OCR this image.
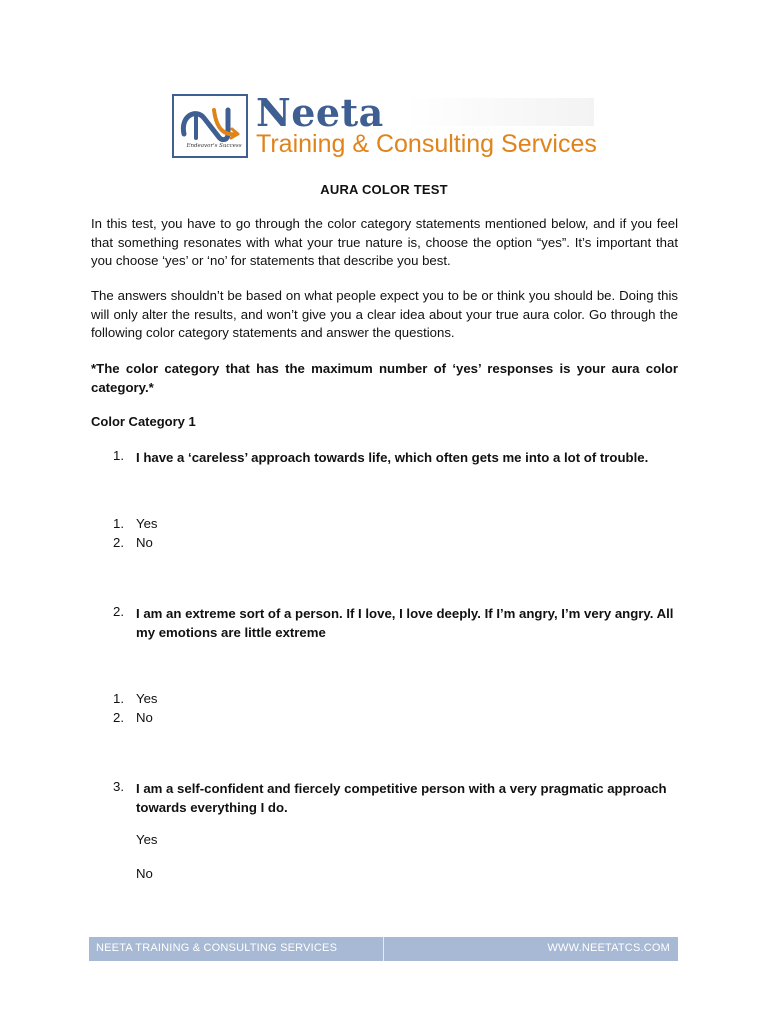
Endeavor's Success
Neeta
Training & Consulting Services
AURA COLOR TEST

In this test, you have to go through the color category statements mentioned below, and if you feel that something resonates with what your true nature is, choose the option “yes”. It’s important that you choose ‘yes’ or ‘no’ for statements that describe you best.

The answers shouldn’t be based on what people expect you to be or think you should be. Doing this will only alter the results, and won’t give you a clear idea about your true aura color. Go through the following color category statements and answer the questions.

*The color category that has the maximum number of ‘yes’ responses is your aura color category.*

Color Category 1
1. I have a ‘careless’ approach towards life, which often gets me into a lot of trouble.
1. Yes
2. No
2. I am an extreme sort of a person. If I love, I love deeply. If I’m angry, I’m very angry. All my emotions are little extreme
1. Yes
2. No
3. I am a self-confident and fiercely competitive person with a very pragmatic approach towards everything I do.
Yes
No
NEETA TRAINING & CONSULTING SERVICES	WWW.NEETATCS.COM
